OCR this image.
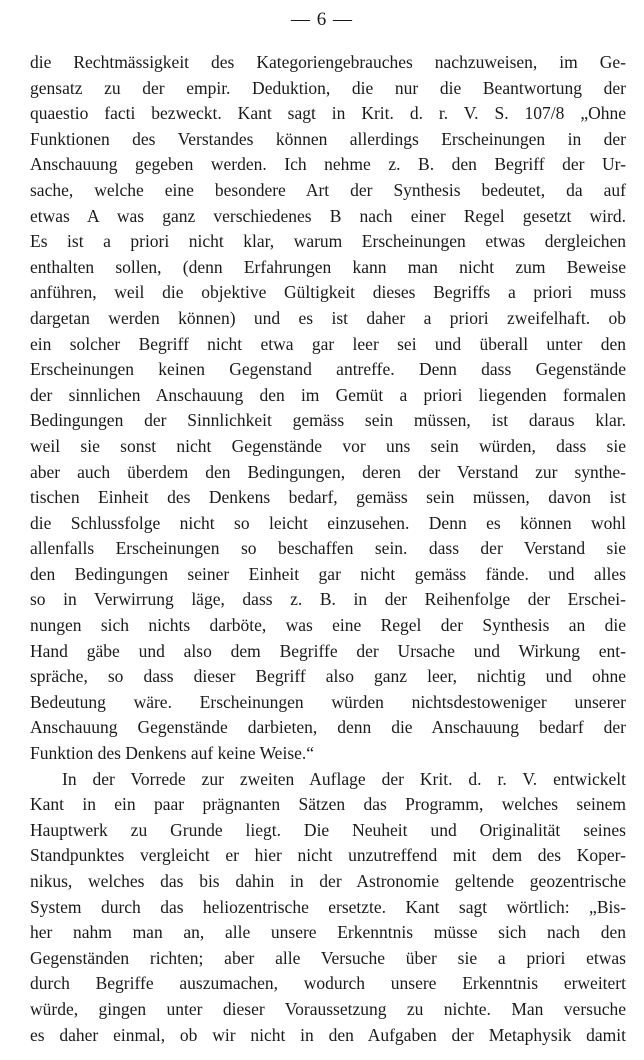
— 6 —
die Rechtmässigkeit des Kategoriengebrauches nachzuweisen, im Ge-
gensatz zu der empir. Deduktion, die nur die Beantwortung der
quaestio facti bezweckt. Kant sagt in Krit. d. r. V. S. 107/8 „Ohne
Funktionen des Verstandes können allerdings Erscheinungen in der
Anschauung gegeben werden. Ich nehme z. B. den Begriff der Ur-
sache, welche eine besondere Art der Synthesis bedeutet, da auf
etwas A was ganz verschiedenes B nach einer Regel gesetzt wird.
Es ist a priori nicht klar, warum Erscheinungen etwas dergleichen
enthalten sollen, (denn Erfahrungen kann man nicht zum Beweise
anführen, weil die objektive Gültigkeit dieses Begriffs a priori muss
dargetan werden können) und es ist daher a priori zweifelhaft. ob
ein solcher Begriff nicht etwa gar leer sei und überall unter den
Erscheinungen keinen Gegenstand antreffe. Denn dass Gegenstände
der sinnlichen Anschauung den im Gemüt a priori liegenden formalen
Bedingungen der Sinnlichkeit gemäss sein müssen, ist daraus klar.
weil sie sonst nicht Gegenstände vor uns sein würden, dass sie
aber auch überdem den Bedingungen, deren der Verstand zur synthe-
tischen Einheit des Denkens bedarf, gemäss sein müssen, davon ist
die Schlussfolge nicht so leicht einzusehen. Denn es können wohl
allenfalls Erscheinungen so beschaffen sein. dass der Verstand sie
den Bedingungen seiner Einheit gar nicht gemäss fände. und alles
so in Verwirrung läge, dass z. B. in der Reihenfolge der Erschei-
nungen sich nichts darböte, was eine Regel der Synthesis an die
Hand gäbe und also dem Begriffe der Ursache und Wirkung ent-
spräche, so dass dieser Begriff also ganz leer, nichtig und ohne
Bedeutung wäre. Erscheinungen würden nichtsdestoweniger unserer
Anschauung Gegenstände darbieten, denn die Anschauung bedarf der
Funktion des Denkens auf keine Weise.“
In der Vorrede zur zweiten Auflage der Krit. d. r. V. entwickelt
Kant in ein paar prägnanten Sätzen das Programm, welches seinem
Hauptwerk zu Grunde liegt. Die Neuheit und Originalität seines
Standpunktes vergleicht er hier nicht unzutreffend mit dem des Koper-
nikus, welches das bis dahin in der Astronomie geltende geozentrische
System durch das heliozentrische ersetzte. Kant sagt wörtlich: „Bis-
her nahm man an, alle unsere Erkenntnis müsse sich nach den
Gegenständen richten; aber alle Versuche über sie a priori etwas
durch Begriffe auszumachen, wodurch unsere Erkenntnis erweitert
würde, gingen unter dieser Voraussetzung zu nichte. Man versuche
es daher einmal, ob wir nicht in den Aufgaben der Metaphysik damit
